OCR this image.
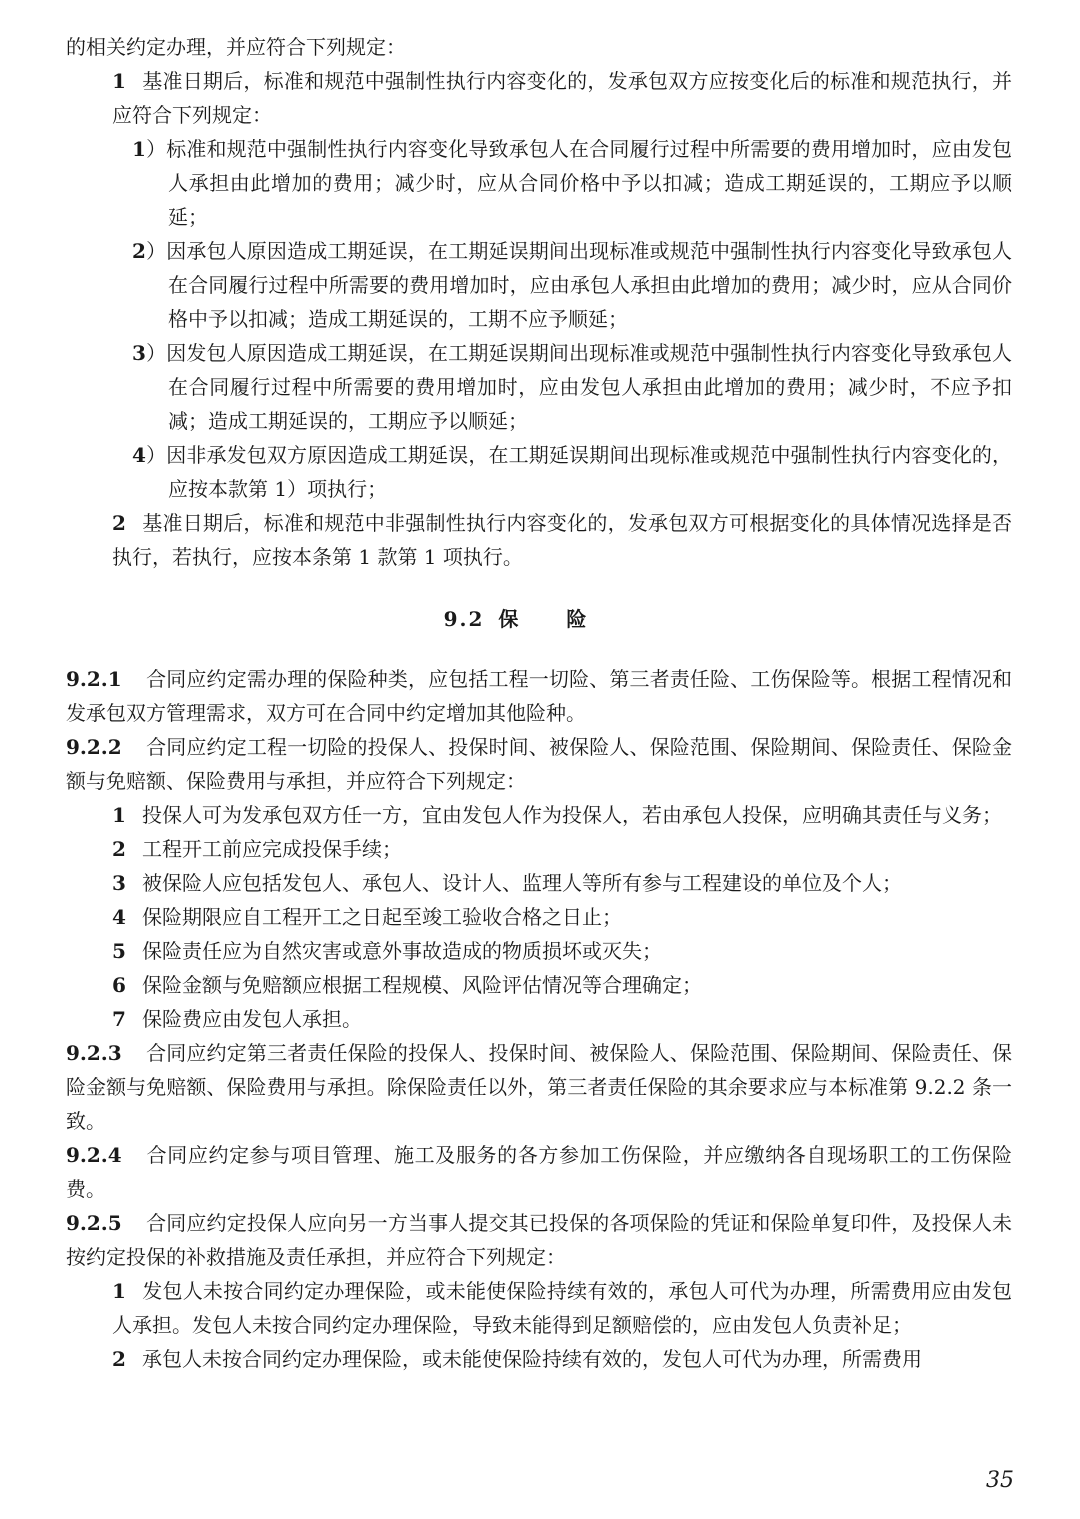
的相关约定办理，并应符合下列规定：

1 基准日期后，标准和规范中强制性执行内容变化的，发承包双方应按变化后的标准和规范执行，并应符合下列规定：

1）标准和规范中强制性执行内容变化导致承包人在合同履行过程中所需要的费用增加时，应由发包人承担由此增加的费用；减少时，应从合同价格中予以扣减；造成工期延误的，工期应予以顺延；

2）因承包人原因造成工期延误，在工期延误期间出现标准或规范中强制性执行内容变化导致承包人在合同履行过程中所需要的费用增加时，应由承包人承担由此增加的费用；减少时，应从合同价格中予以扣减；造成工期延误的，工期不应予顺延；

3）因发包人原因造成工期延误，在工期延误期间出现标准或规范中强制性执行内容变化导致承包人在合同履行过程中所需要的费用增加时，应由发包人承担由此增加的费用；减少时，不应予扣减；造成工期延误的，工期应予以顺延；

4）因非承发包双方原因造成工期延误，在工期延误期间出现标准或规范中强制性执行内容变化的，应按本款第 1）项执行；

2 基准日期后，标准和规范中非强制性执行内容变化的，发承包双方可根据变化的具体情况选择是否执行，若执行，应按本条第 1 款第 1 项执行。

9.2 保险

9.2.1 合同应约定需办理的保险种类，应包括工程一切险、第三者责任险、工伤保险等。根据工程情况和发承包双方管理需求，双方可在合同中约定增加其他险种。

9.2.2 合同应约定工程一切险的投保人、投保时间、被保险人、保险范围、保险期间、保险责任、保险金额与免赔额、保险费用与承担，并应符合下列规定：

1 投保人可为发承包双方任一方，宜由发包人作为投保人，若由承包人投保，应明确其责任与义务；

2 工程开工前应完成投保手续；

3 被保险人应包括发包人、承包人、设计人、监理人等所有参与工程建设的单位及个人；

4 保险期限应自工程开工之日起至竣工验收合格之日止；

5 保险责任应为自然灾害或意外事故造成的物质损坏或灭失；

6 保险金额与免赔额应根据工程规模、风险评估情况等合理确定；

7 保险费应由发包人承担。

9.2.3 合同应约定第三者责任保险的投保人、投保时间、被保险人、保险范围、保险期间、保险责任、保险金额与免赔额、保险费用与承担。除保险责任以外，第三者责任保险的其余要求应与本标准第 9.2.2 条一致。

9.2.4 合同应约定参与项目管理、施工及服务的各方参加工伤保险，并应缴纳各自现场职工的工伤保险费。

9.2.5 合同应约定投保人应向另一方当事人提交其已投保的各项保险的凭证和保险单复印件，及投保人未按约定投保的补救措施及责任承担，并应符合下列规定：

1 发包人未按合同约定办理保险，或未能使保险持续有效的，承包人可代为办理，所需费用应由发包人承担。发包人未按合同约定办理保险，导致未能得到足额赔偿的，应由发包人负责补足；

2 承包人未按合同约定办理保险，或未能使保险持续有效的，发包人可代为办理，所需费用

35
